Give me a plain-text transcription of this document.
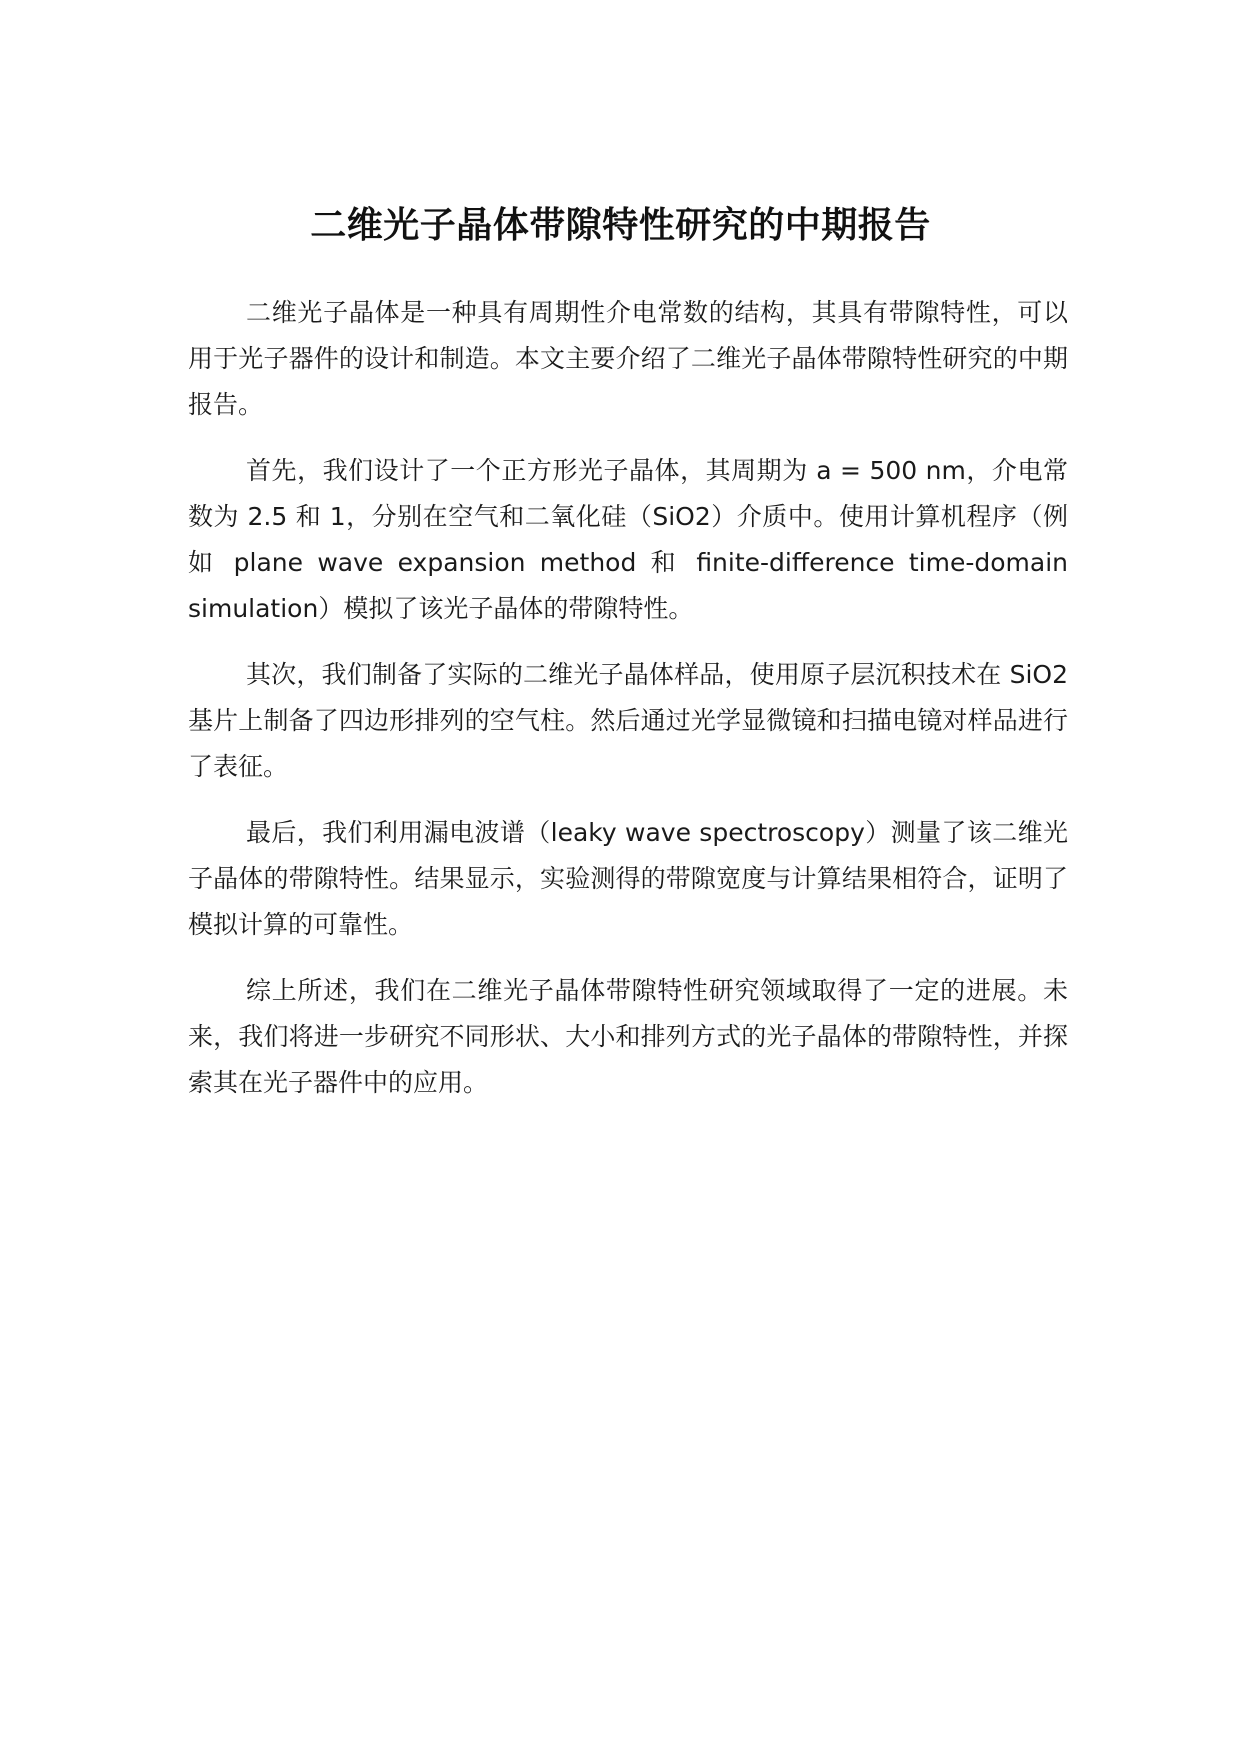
二维光子晶体带隙特性研究的中期报告

二维光子晶体是一种具有周期性介电常数的结构，其具有带隙特性，可以用于光子器件的设计和制造。本文主要介绍了二维光子晶体带隙特性研究的中期报告。

首先，我们设计了一个正方形光子晶体，其周期为 a = 500 nm，介电常数为 2.5 和 1，分别在空气和二氧化硅（SiO2）介质中。使用计算机程序（例如 plane wave expansion method 和 finite-difference time-domain simulation）模拟了该光子晶体的带隙特性。

其次，我们制备了实际的二维光子晶体样品，使用原子层沉积技术在 SiO2 基片上制备了四边形排列的空气柱。然后通过光学显微镜和扫描电镜对样品进行了表征。

最后，我们利用漏电波谱（leaky wave spectroscopy）测量了该二维光子晶体的带隙特性。结果显示，实验测得的带隙宽度与计算结果相符合，证明了模拟计算的可靠性。

综上所述，我们在二维光子晶体带隙特性研究领域取得了一定的进展。未来，我们将进一步研究不同形状、大小和排列方式的光子晶体的带隙特性，并探索其在光子器件中的应用。
